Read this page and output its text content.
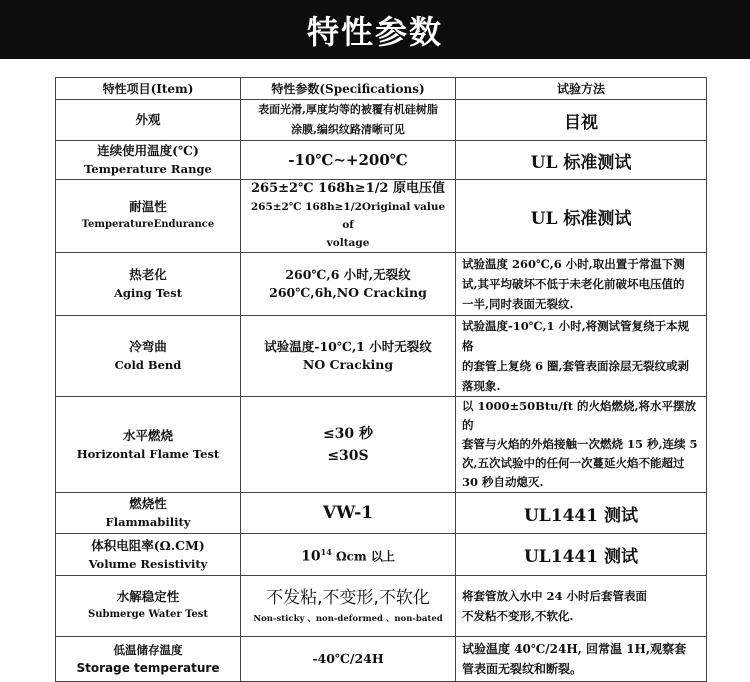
特性参数
特性项目(Item)	特性参数(Specifications)	试验方法

外观	表面光滑,厚度均等的被覆有机硅树脂
涂膜,编织纹路清晰可见	目视

连续使用温度(℃)
Temperature Range	-10℃~+200℃	UL 标准测试

耐温性
TemperatureEndurance	265±2℃ 168h≥1/2 原电压值
265±2℃ 168h≥1/2Original value of
voltage	UL 标准测试

热老化
Aging Test	260℃,6 小时,无裂纹
260℃,6h,NO Cracking	试验温度 260℃,6 小时,取出置于常温下测
试,其平均破坏不低于未老化前破坏电压值的
一半,同时表面无裂纹.

冷弯曲
Cold Bend	试验温度-10℃,1 小时无裂纹
NO Cracking	试验温度-10℃,1 小时,将测试管复绕于本规格
的套管上复绕 6 圈,套管表面涂层无裂纹或剥
落现象.

水平燃烧
Horizontal Flame Test	≤30 秒
≤30S	以 1000±50Btu/ft 的火焰燃烧,将水平摆放的
套管与火焰的外焰接触一次燃烧 15 秒,连续 5
次,五次试验中的任何一次蔓延火焰不能超过
30 秒自动熄灭.

燃烧性
Flammability	VW-1	UL1441 测试

体积电阻率(Ω.CM)
Volume Resistivity	$10^{14}$ Ωcm 以上	UL1441 测试

水解稳定性
Submerge Water Test	不发粘,不变形,不软化
Non-sticky 、non-deformed 、non-bated	将套管放入水中 24 小时后套管表面
不发粘不变形,不软化.

低温储存温度
Storage temperature	-40℃/24H	试验温度 40℃/24H, 回常温 1H,观察套
管表面无裂纹和断裂。
